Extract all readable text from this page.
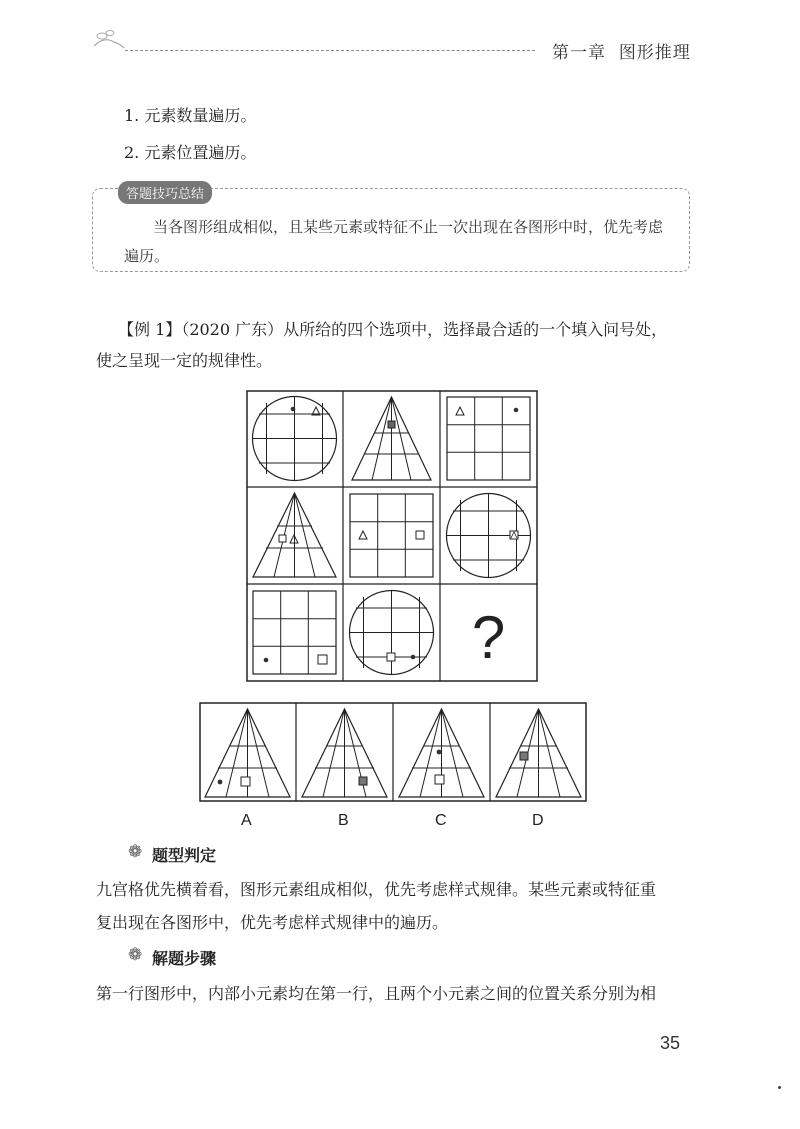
第一章 图形推理
1. 元素数量遍历。
2. 元素位置遍历。
答题技巧总结
当各图形组成相似，且某些元素或特征不止一次出现在各图形中时，优先考虑
遍历。
【例 1】（2020 广东）从所给的四个选项中，选择最合适的一个填入问号处，
使之呈现一定的规律性。
?
A	B	C	D
❁ 题型判定
九宫格优先横着看，图形元素组成相似，优先考虑样式规律。某些元素或特征重
复出现在各图形中，优先考虑样式规律中的遍历。
❁ 解题步骤
第一行图形中，内部小元素均在第一行，且两个小元素之间的位置关系分别为相
35
